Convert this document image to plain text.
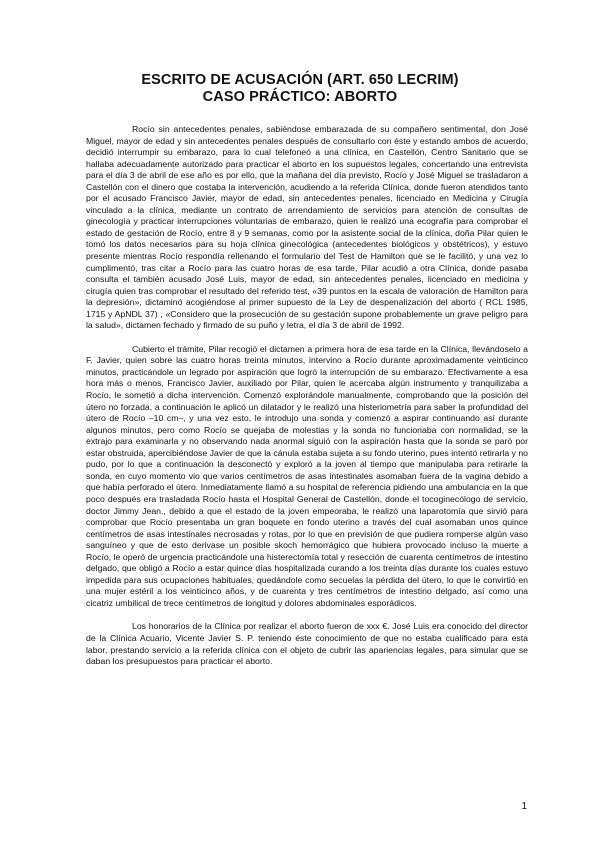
ESCRITO DE ACUSACIÓN (ART. 650 LECRIM)
CASO PRÁCTICO: ABORTO

Rocío sin antecedentes penales, sabiéndose embarazada de su compañero sentimental, don José Miguel, mayor de edad y sin antecedentes penales después de consultarlo con éste y estando ambos de acuerdo, decidió interrumpir su embarazo, para lo cual telefoneó a una clínica, en Castellón, Centro Sanitario que se hallaba adecuadamente autorizado para practicar el aborto en los supuestos legales, concertando una entrevista para el día 3 de abril de ese año es por ello, que la mañana del día previsto, Rocío y José Miguel se trasladaron a Castellón con el dinero que costaba la intervención, acudiendo a la referida Clínica, donde fueron atendidos tanto por el acusado Francisco Javier, mayor de edad, sin antecedentes penales, licenciado en Medicina y Cirugía vinculado a la clínica, mediante un contrato de arrendamiento de servicios para atención de consultas de ginecología y practicar interrupciones voluntarias de embarazo, quien le realizó una ecografía para comprobar el estado de gestación de Rocío, entre 8 y 9 semanas, como por la asistente social de la clínica, doña Pilar quien le tomó los datos necesarios para su hoja clínica ginecológica (antecedentes biológicos y obstétricos), y estuvo presente mientras Rocío respondía rellenando el formulario del Test de Hamilton que se le facilitó, y una vez lo cumplimentó, tras citar a Rocío para las cuatro horas de esa tarde, Pilar acudió a otra Clínica, donde pasaba consulta el también acusado José Luis, mayor de edad, sin antecedentes penales, licenciado en medicina y cirugía quien tras comprobar el resultado del referido test, «39 puntos en la escala de valoración de Hamilton para la depresión», dictaminó acogiéndose al primer supuesto de la Ley de despenalización del aborto ( RCL 1985, 1715 y ApNDL 37) , «Considero que la prosecución de su gestación supone probablemente un grave peligro para la salud», dictamen fechado y firmado de su puño y letra, el día 3 de abril de 1992.

Cubierto el trámite, Pilar recogió el dictamen a primera hora de esa tarde en la Clínica, llevándoselo a F. Javier, quien sobre las cuatro horas treinta minutos, intervino a Rocío durante aproximadamente veinticinco minutos, practicándole un legrado por aspiración que logró la interrupción de su embarazo. Efectivamente a esa hora más o menos, Francisco Javier, auxiliado por Pilar, quien le acercaba algún instrumento y tranquilizaba a Rocío, le sometió a dicha intervención. Comenzó explorándole manualmente, comprobando que la posición del útero no forzada, a continuación le aplicó un dilatador y le realizó una histeriometría para saber la profundidad del útero de Rocío –10 cm–, y una vez esto, le introdujo una sonda y comenzó a aspirar continuando así durante algunos minutos, pero como Rocío se quejaba de molestias y la sonda no funcionaba con normalidad, se la extrajo para examinarla y no observando nada anormal siguió con la aspiración hasta que la sonda se paró por estar obstruida, apercibiéndose Javier de que la cánula estaba sujeta a su fondo uterino, pues intentó retirarla y no pudo, por lo que a continuación la desconectó y exploró a la joven al tiempo que manipulaba para retirarle la sonda, en cuyo momento vio que varios centímetros de asas intestinales asomaban fuera de la vagina debido a que había perforado el útero. Inmediatamente llamó a su hospital de referencia pidiendo una ambulancia en la que poco después era trasladada Rocío hasta el Hospital General de Castellón, donde el tocoginecólogo de servicio, doctor Jimmy Jean., debido a que el estado de la joven empeoraba, le realizó una laparotomía que sirvió para comprobar que Rocío presentaba un gran boquete en fondo uterino a través del cual asomaban unos quince centímetros de asas intestinales necrosadas y rotas, por lo que en previsión de que pudiera romperse algún vaso sanguíneo y que de esto derivase un posible skoch hemorrágico que hubiera provocado incluso la muerte a Rocío, le operó de urgencia practicándole una histerectomía total y resección de cuarenta centímetros de intestino delgado, que obligó a Rocío a estar quince días hospitalizada curando a los treinta días durante los cuales estuvo impedida para sus ocupaciones habituales, quedándole como secuelas la pérdida del útero, lo que le convirtió en una mujer estéril a los veinticinco años, y de cuarenta y tres centímetros de intestino delgado, así como una cicatriz umbilical de trece centímetros de longitud y dolores abdominales esporádicos.

Los honorarios de la Clínica por realizar el aborto fueron de xxx €. José Luis era conocido del director de la Clínica Acuario, Vicente Javier S. P. teniendo éste conocimiento de que no estaba cualificado para esta labor, prestando servicio a la referida clínica con el objeto de cubrir las apariencias legales, para simular que se daban los presupuestos para practicar el aborto.

1
